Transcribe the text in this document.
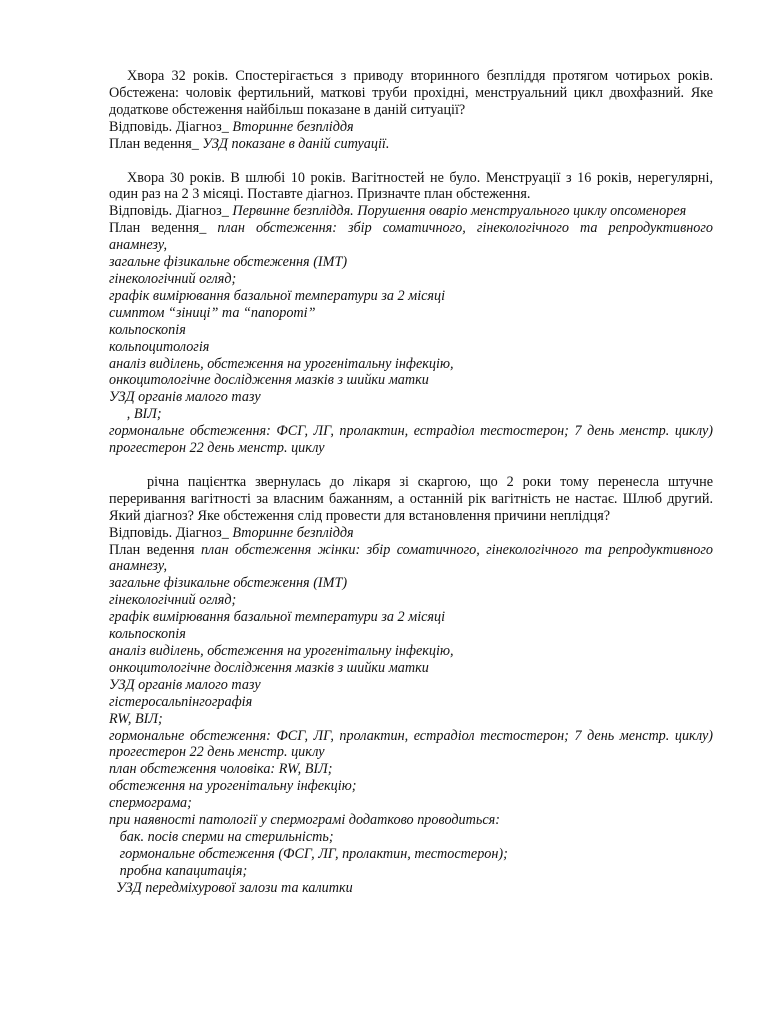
Хвора 32 років. Спостерігається з приводу вторинного безпліддя протягом чотирьох років. Обстежена: чоловік фертильний, маткові труби прохідні, менструальний цикл двохфазний. Яке додаткове обстеження найбільш показане в даній ситуації?

Відповідь. Діагноз_ Вторинне безпліддя
План ведення_ УЗД показане в даній ситуації.

Хвора 30 років. В шлюбі 10 років. Вагітностей не було. Менструації з 16 років, нерегулярні, один раз на 2 3 місяці. Поставте діагноз. Призначте план обстеження.

Відповідь. Діагноз_ Первинне безпліддя. Порушення оваріо менструального циклу опсоменорея

План ведення_ план обстеження: збір соматичного, гінекологічного та репродуктивного анамнезу,

загальне фізикальне обстеження (ІМТ)
гінекологічний огляд;
графік вимірювання базальної температури за 2 місяці
симптом “зіниці” та “папороті”
кольпоскопія
кольпоцитологія
аналіз виділень, обстеження на урогенітальну інфекцію,
онкоцитологічне дослідження мазків з шийки матки
УЗД органів малого тазу
, ВІЛ;

гормональне обстеження: ФСГ, ЛГ, пролактин, естрадіол тестостерон; 7 день менстр. циклу) прогестерон 22 день менстр. циклу

річна пацієнтка звернулась до лікаря зі скаргою, що 2 роки тому перенесла штучне переривання вагітності за власним бажанням, а останній рік вагітність не настає. Шлюб другий. Який діагноз? Яке обстеження слід провести для встановлення причини неплідця?

Відповідь. Діагноз_ Вторинне безпліддя

План ведення план обстеження жінки: збір соматичного, гінекологічного та репродуктивного анамнезу,

загальне фізикальне обстеження (ІМТ)
гінекологічний огляд;
графік вимірювання базальної температури за 2 місяці
кольпоскопія
аналіз виділень, обстеження на урогенітальну інфекцію,
онкоцитологічне дослідження мазків з шийки матки
УЗД органів малого тазу
гістеросальпінгографія
RW, ВІЛ;

гормональне обстеження: ФСГ, ЛГ, пролактин, естрадіол тестостерон; 7 день менстр. циклу) прогестерон 22 день менстр. циклу

план обстеження чоловіка: RW, ВІЛ;
обстеження на урогенітальну інфекцію;
спермограма;
при наявності патології у спермограмі додатково проводиться:
бак. посів сперми на стерильність;
гормональне обстеження (ФСГ, ЛГ, пролактин, тестостерон);
пробна капацитація;
УЗД передміхурової залози та калитки
